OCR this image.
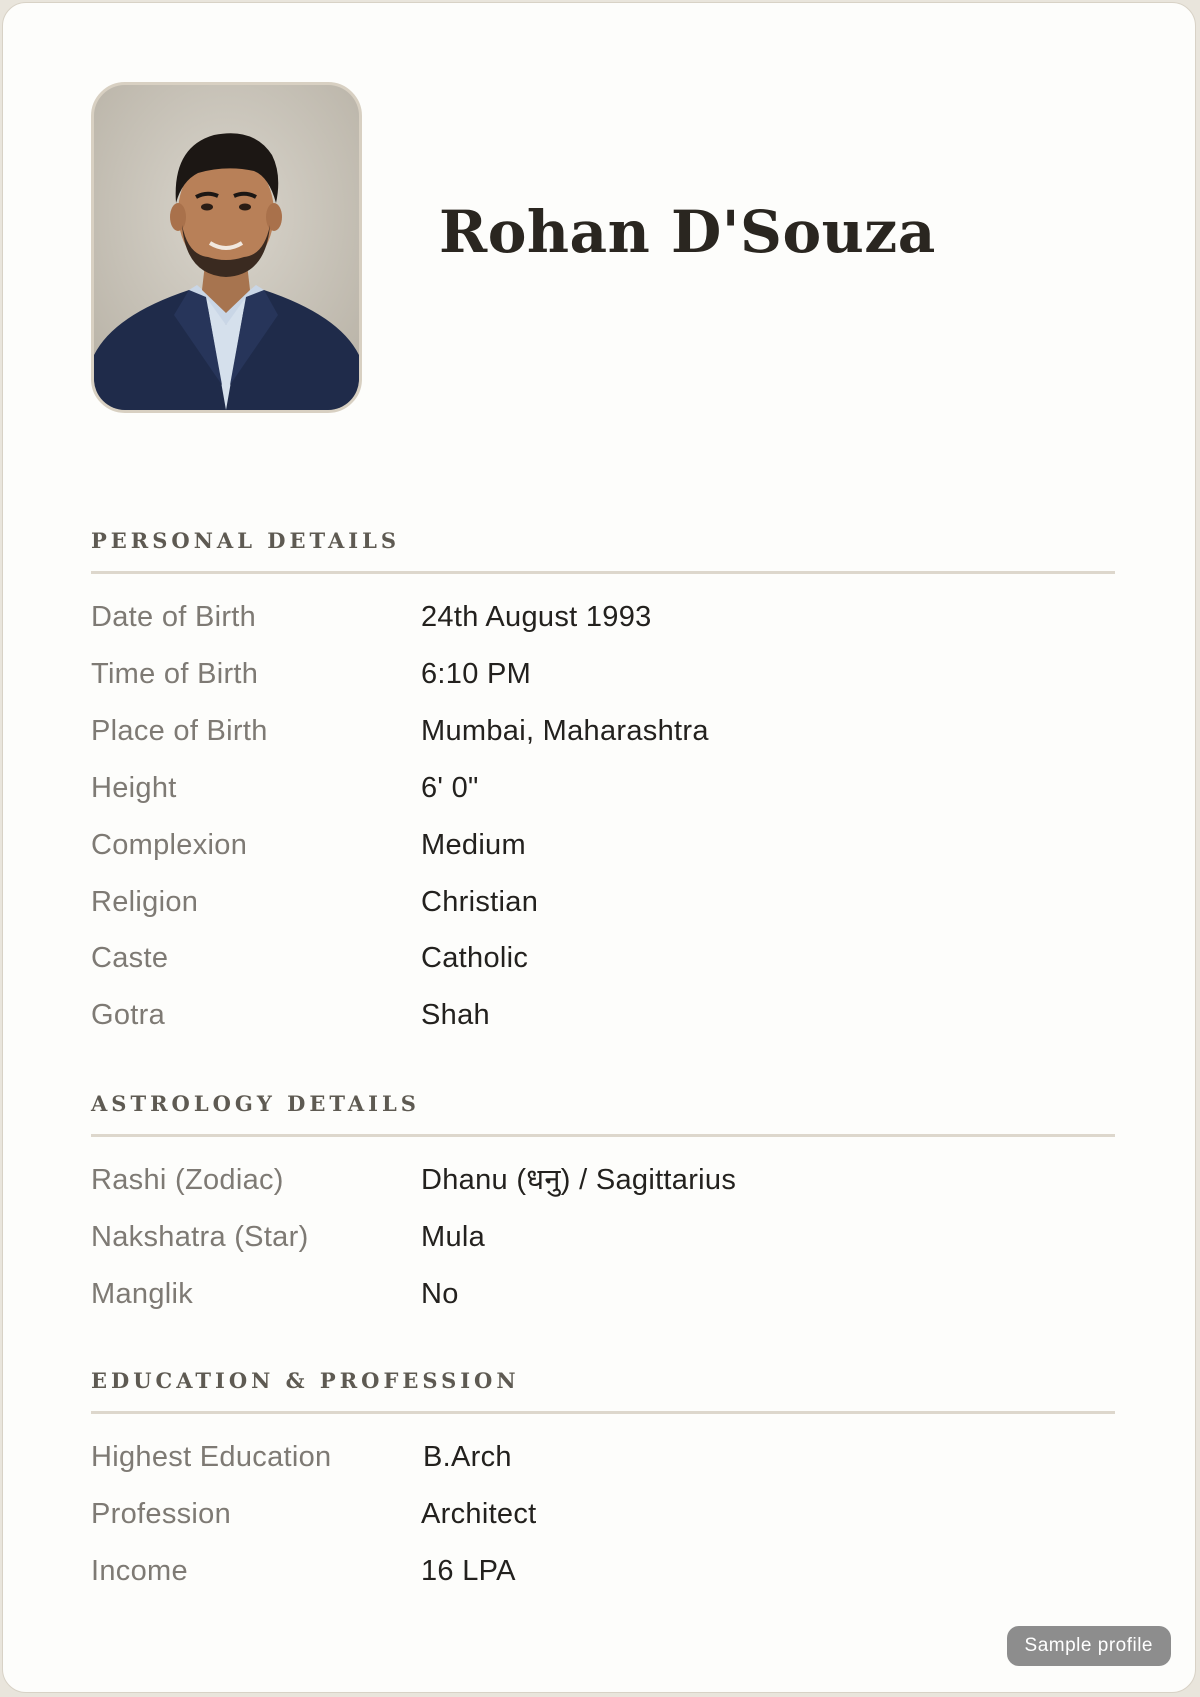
Rohan D'Souza
PERSONAL DETAILS
Date of Birth	24th August 1993
Time of Birth	6:10 PM
Place of Birth	Mumbai, Maharashtra
Height	6' 0"
Complexion	Medium
Religion	Christian
Caste	Catholic
Gotra	Shah
ASTROLOGY DETAILS
Rashi (Zodiac)	Dhanu (धनु) / Sagittarius
Nakshatra (Star)	Mula
Manglik	No
EDUCATION & PROFESSION
Highest Education	B.Arch
Profession	Architect
Income	16 LPA
Sample profile
